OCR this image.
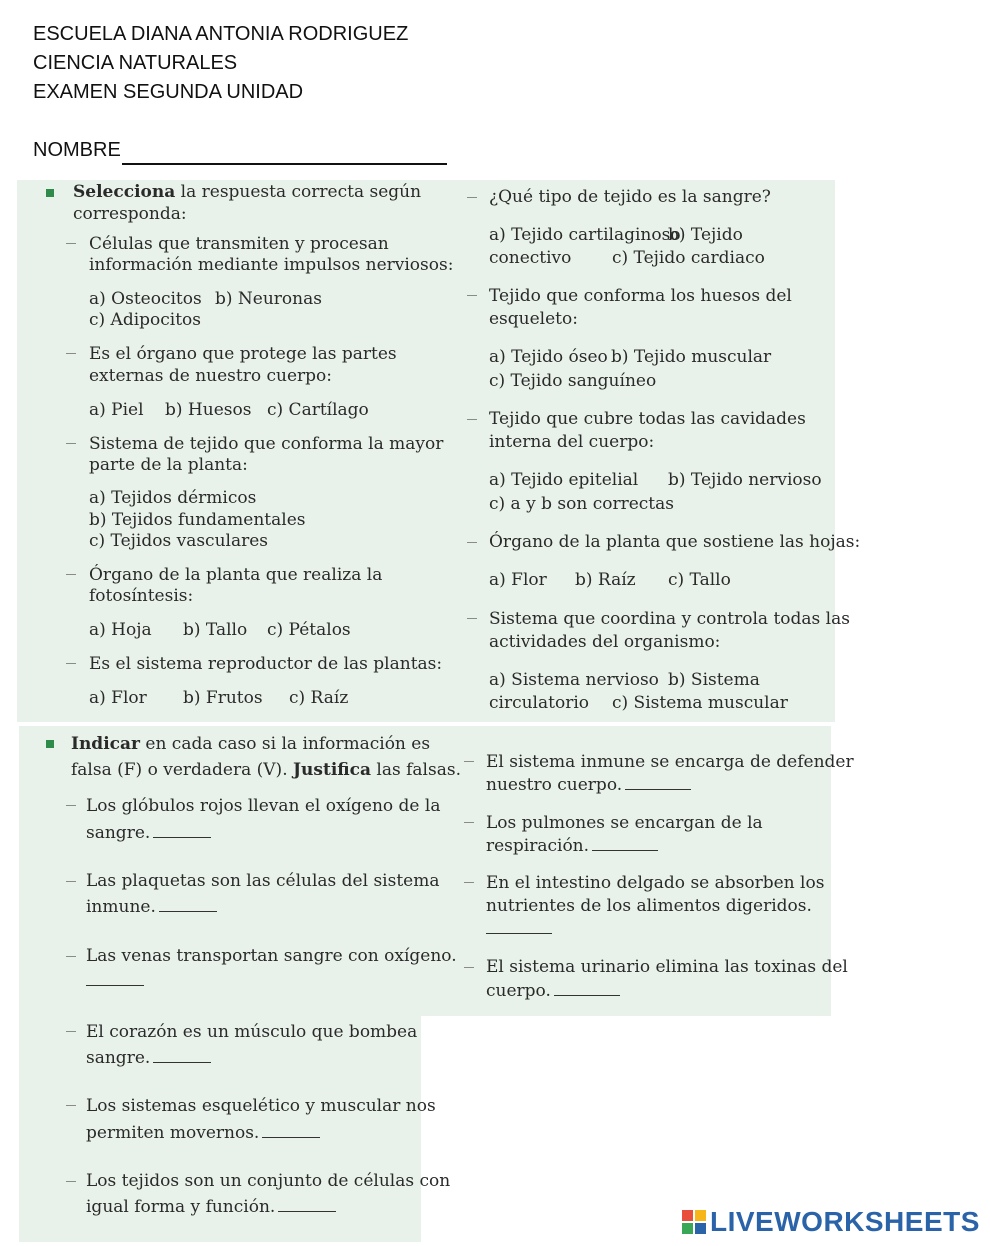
ESCUELA DIANA ANTONIA RODRIGUEZ
CIENCIA NATURALES
EXAMEN SEGUNDA UNIDAD
NOMBRE
Selecciona la respuesta correcta según
corresponda:
Células que transmiten y procesan
información mediante impulsos nerviosos:
a) Osteocitos b) Neuronas
c) Adipocitos
Es el órgano que protege las partes
externas de nuestro cuerpo:
a) Piel b) Huesos c) Cartílago
Sistema de tejido que conforma la mayor
parte de la planta:
a) Tejidos dérmicos
b) Tejidos fundamentales
c) Tejidos vasculares
Órgano de la planta que realiza la
fotosíntesis:
a) Hoja b) Tallo c) Pétalos
Es el sistema reproductor de las plantas:
a) Flor b) Frutos c) Raíz
¿Qué tipo de tejido es la sangre?
a) Tejido cartilaginoso
b) Tejido
conectivo c) Tejido cardiaco
Tejido que conforma los huesos del
esqueleto:
a) Tejido óseo b) Tejido muscular
c) Tejido sanguíneo
Tejido que cubre todas las cavidades
interna del cuerpo:
a) Tejido epitelial b) Tejido nervioso
c) a y b son correctas
Órgano de la planta que sostiene las hojas:
a) Flor b) Raíz c) Tallo
Sistema que coordina y controla todas las
actividades del organismo:
a) Sistema nervioso b) Sistema
circulatorio c) Sistema muscular
Indicar en cada caso si la información es
falsa (F) o verdadera (V). Justifica las falsas.
Los glóbulos rojos llevan el oxígeno de la
sangre.
Las plaquetas son las células del sistema
inmune.
Las venas transportan sangre con oxígeno.
El corazón es un músculo que bombea
sangre.
Los sistemas esquelético y muscular nos
permiten movernos.
Los tejidos son un conjunto de células con
igual forma y función.
El sistema inmune se encarga de defender
nuestro cuerpo.
Los pulmones se encargan de la
respiración.
En el intestino delgado se absorben los
nutrientes de los alimentos digeridos.
El sistema urinario elimina las toxinas del
cuerpo.
LIVEWORKSHEETS
